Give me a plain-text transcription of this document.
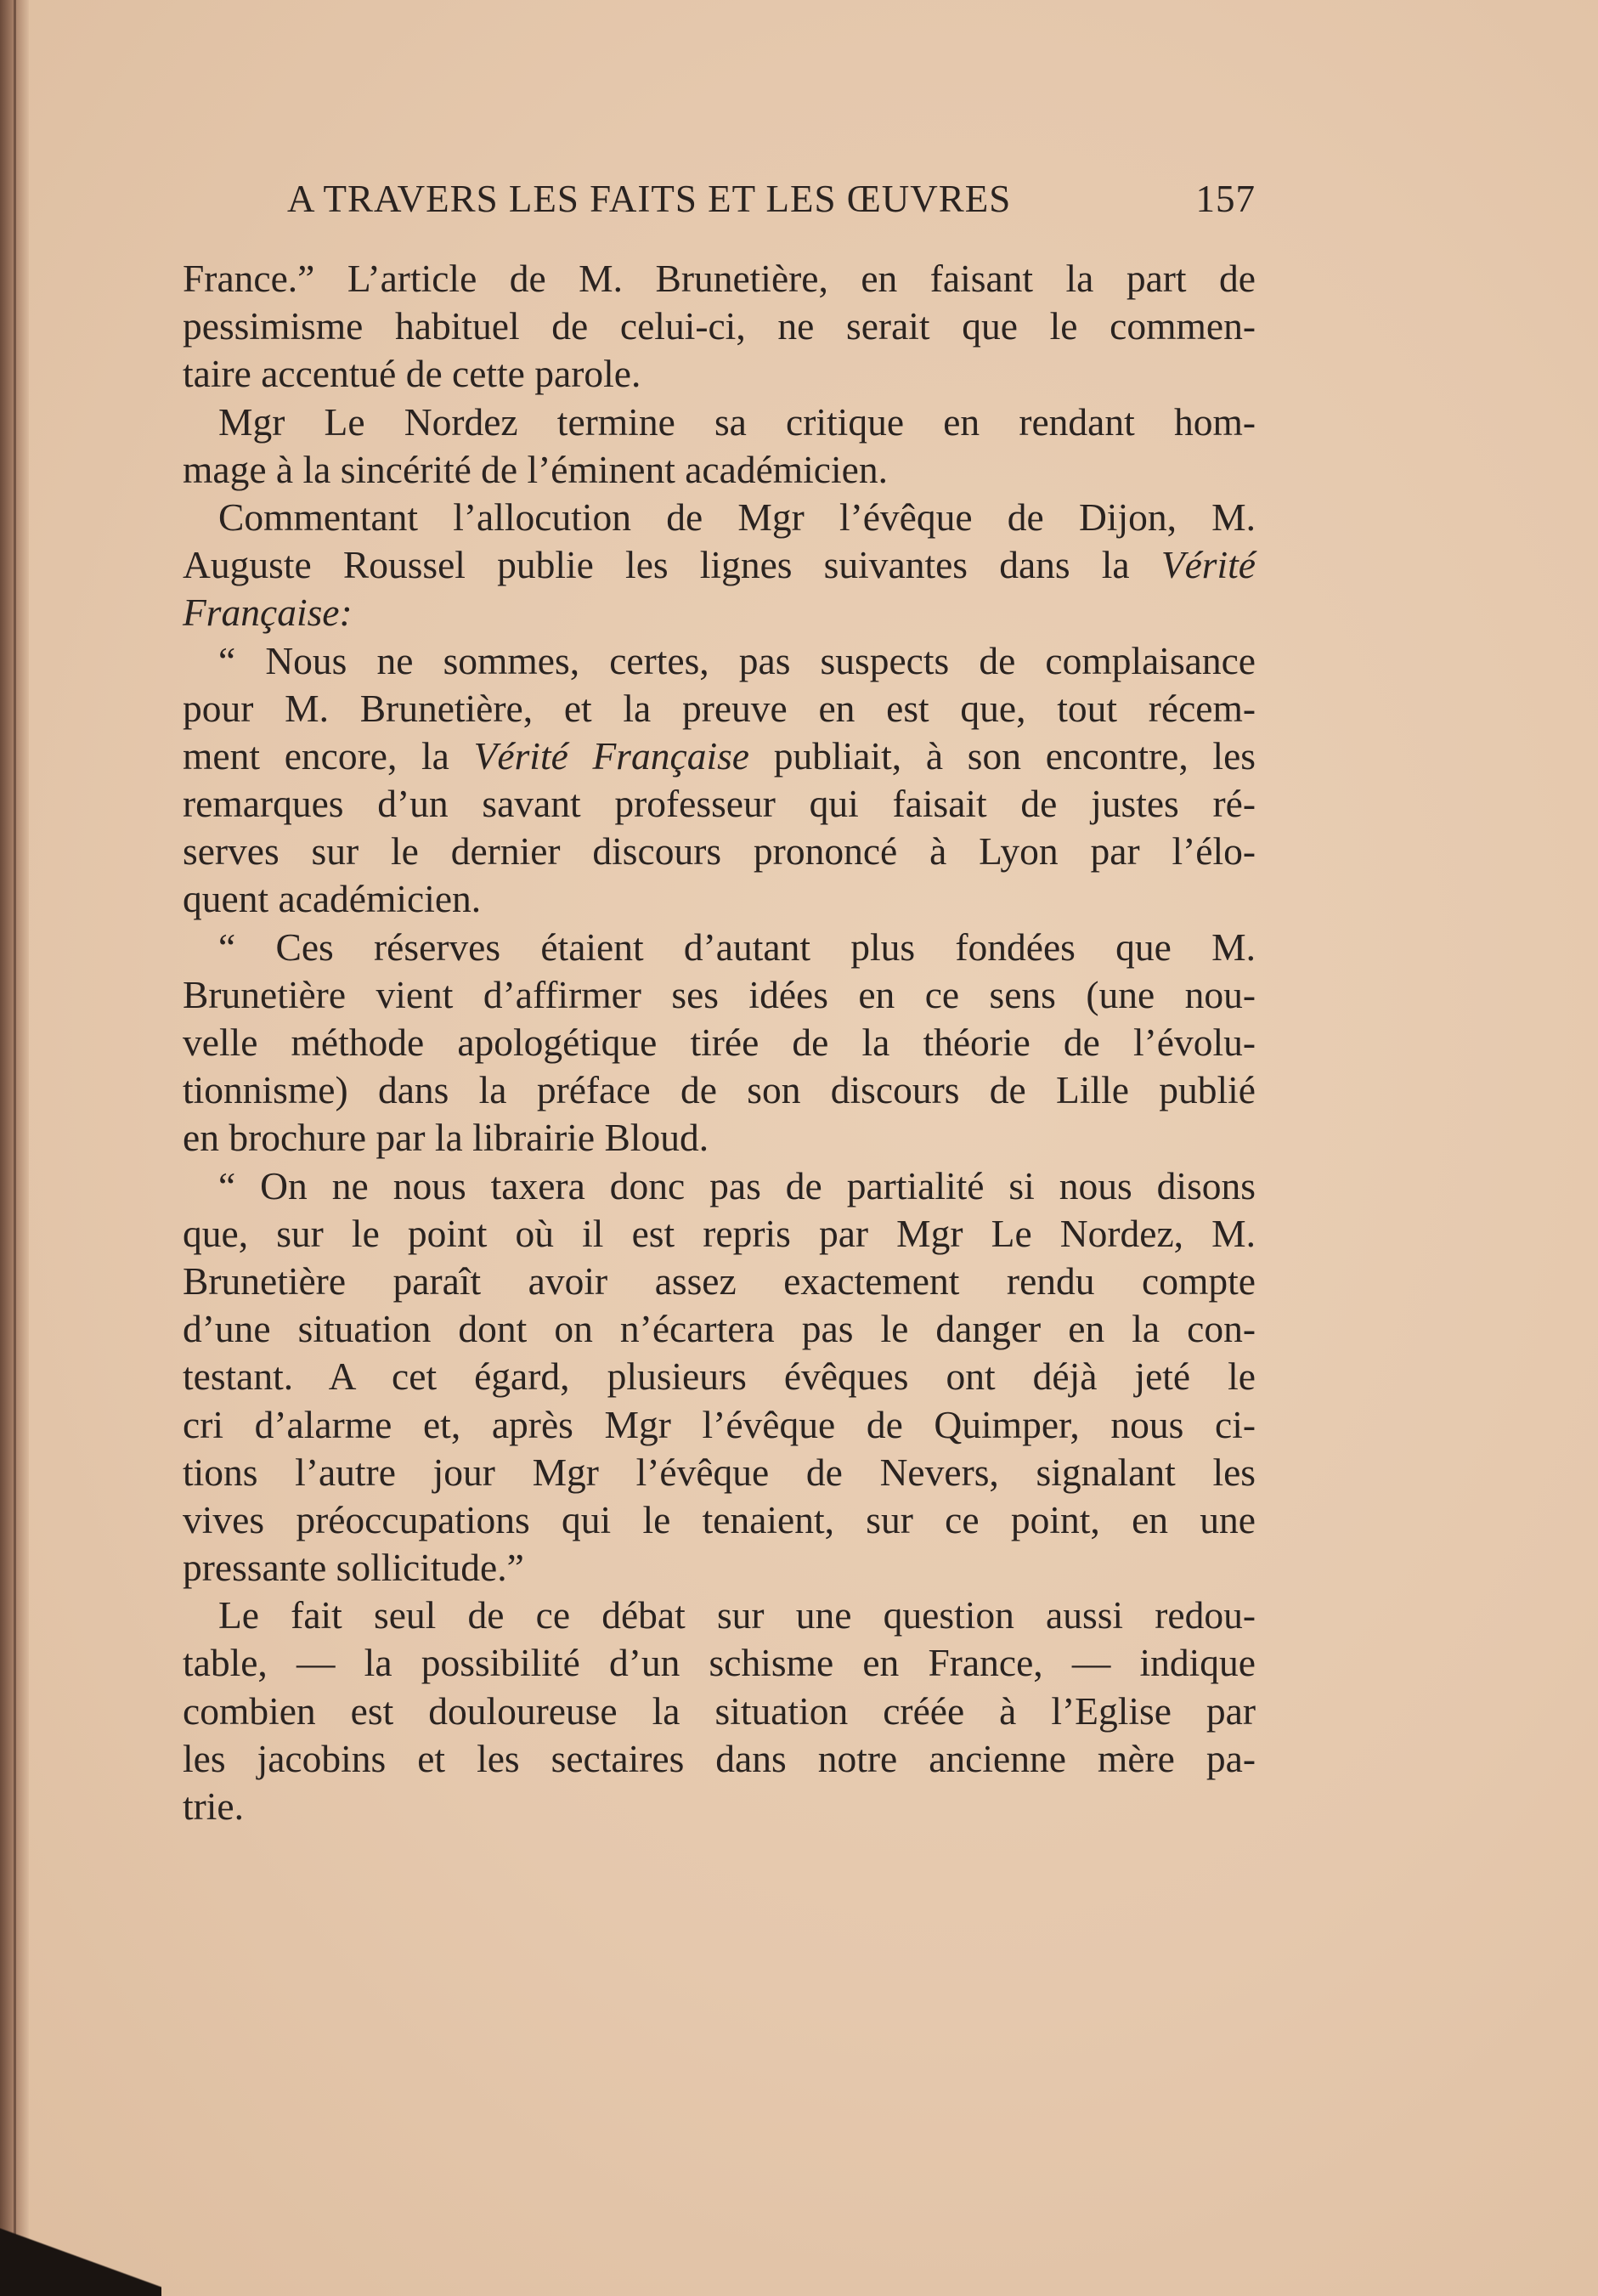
A TRAVERS LES FAITS ET LES ŒUVRES	157
France.” L’article de M. Brunetière, en faisant la part de
pessimisme habituel de celui-ci, ne serait que le commen-
taire accentué de cette parole.
Mgr Le Nordez termine sa critique en rendant hom-
mage à la sincérité de l’éminent académicien.
Commentant l’allocution de Mgr l’évêque de Dijon, M.
Auguste Roussel publie les lignes suivantes dans la Vérité
Française:
“ Nous ne sommes, certes, pas suspects de complaisance
pour M. Brunetière, et la preuve en est que, tout récem-
ment encore, la Vérité Française publiait, à son encontre, les
remarques d’un savant professeur qui faisait de justes ré-
serves sur le dernier discours prononcé à Lyon par l’élo-
quent académicien.
“ Ces réserves étaient d’autant plus fondées que M.
Brunetière vient d’affirmer ses idées en ce sens (une nou-
velle méthode apologétique tirée de la théorie de l’évolu-
tionnisme) dans la préface de son discours de Lille publié
en brochure par la librairie Bloud.
“ On ne nous taxera donc pas de partialité si nous disons
que, sur le point où il est repris par Mgr Le Nordez, M.
Brunetière paraît avoir assez exactement rendu compte
d’une situation dont on n’écartera pas le danger en la con-
testant. A cet égard, plusieurs évêques ont déjà jeté le
cri d’alarme et, après Mgr l’évêque de Quimper, nous ci-
tions l’autre jour Mgr l’évêque de Nevers, signalant les
vives préoccupations qui le tenaient, sur ce point, en une
pressante sollicitude.”
Le fait seul de ce débat sur une question aussi redou-
table, — la possibilité d’un schisme en France, — indique
combien est douloureuse la situation créée à l’Eglise par
les jacobins et les sectaires dans notre ancienne mère pa-
trie.
